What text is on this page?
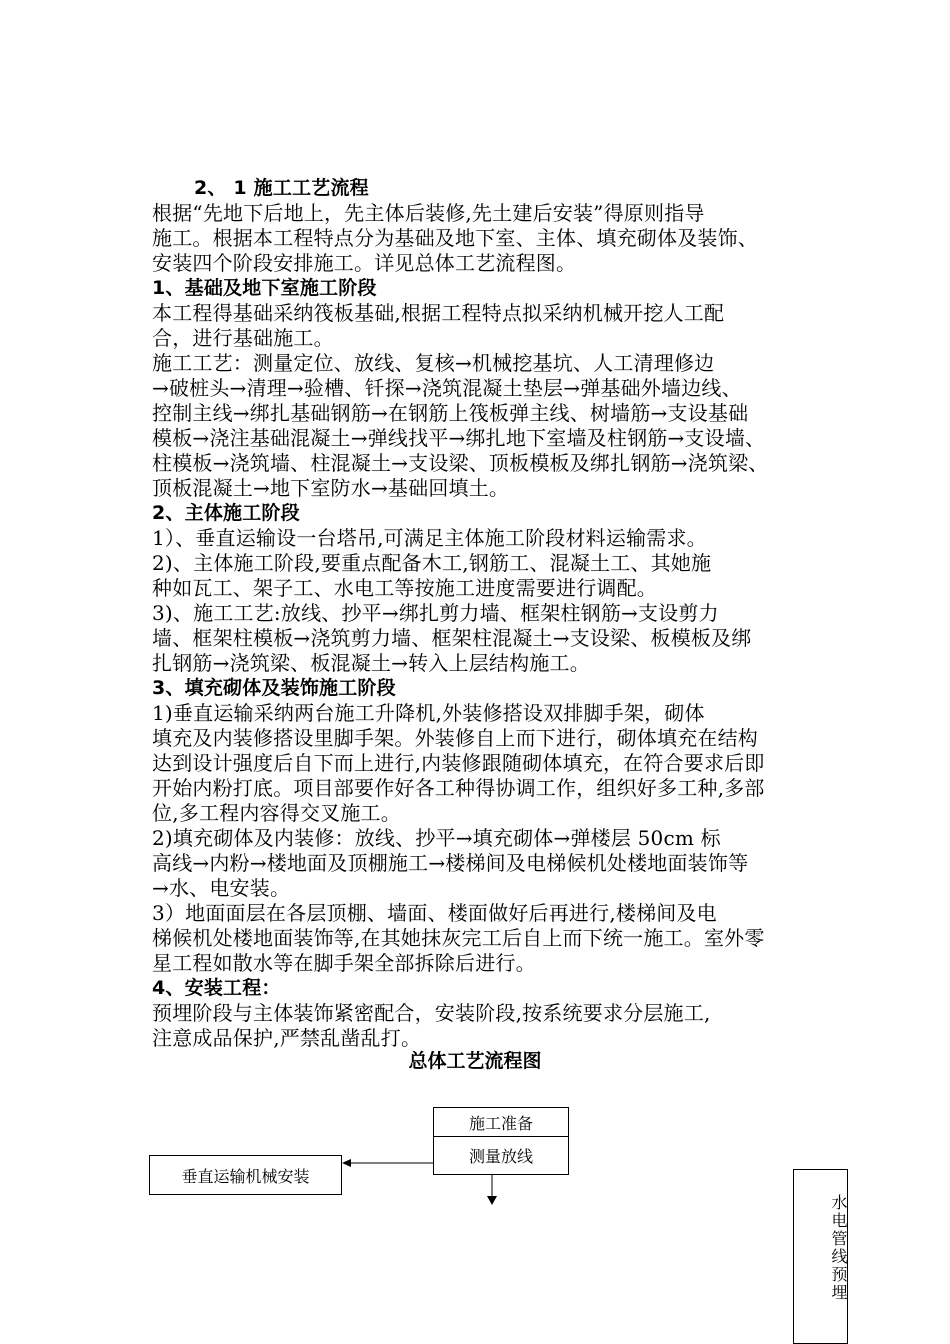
2、 1 施工工艺流程
根据“先地下后地上，先主体后装修,先土建后安装”得原则指导
施工。根据本工程特点分为基础及地下室、主体、填充砌体及装饰、
安装四个阶段安排施工。详见总体工艺流程图。
1、基础及地下室施工阶段
本工程得基础采纳筏板基础,根据工程特点拟采纳机械开挖人工配
合，进行基础施工。
施工工艺：测量定位、放线、复核→机械挖基坑、人工清理修边
→破桩头→清理→验槽、钎探→浇筑混凝土垫层→弹基础外墙边线、
控制主线→绑扎基础钢筋→在钢筋上筏板弹主线、树墙筋→支设基础
模板→浇注基础混凝土→弹线找平→绑扎地下室墙及柱钢筋→支设墙、
柱模板→浇筑墙、柱混凝土→支设梁、顶板模板及绑扎钢筋→浇筑梁、
顶板混凝土→地下室防水→基础回填土。
2、主体施工阶段
1）、垂直运输设一台塔吊,可满足主体施工阶段材料运输需求。
2)、主体施工阶段,要重点配备木工,钢筋工、混凝土工、其她施
种如瓦工、架子工、水电工等按施工进度需要进行调配。
3)、施工工艺:放线、抄平→绑扎剪力墙、框架柱钢筋→支设剪力
墙、框架柱模板→浇筑剪力墙、框架柱混凝土→支设梁、板模板及绑
扎钢筋→浇筑梁、板混凝土→转入上层结构施工。
3、填充砌体及装饰施工阶段
1)垂直运输采纳两台施工升降机,外装修搭设双排脚手架，砌体
填充及内装修搭设里脚手架。外装修自上而下进行，砌体填充在结构
达到设计强度后自下而上进行,内装修跟随砌体填充，在符合要求后即
开始内粉打底。项目部要作好各工种得协调工作，组织好多工种,多部
位,多工程内容得交叉施工。
2)填充砌体及内装修：放线、抄平→填充砌体→弹楼层 50cm 标
高线→内粉→楼地面及顶棚施工→楼梯间及电梯候机处楼地面装饰等
→水、电安装。
3）地面面层在各层顶棚、墙面、楼面做好后再进行,楼梯间及电
梯候机处楼地面装饰等,在其她抹灰完工后自上而下统一施工。室外零
星工程如散水等在脚手架全部拆除后进行。
4、安装工程：
预埋阶段与主体装饰紧密配合，安装阶段,按系统要求分层施工,
注意成品保护,严禁乱凿乱打。
总体工艺流程图
施工准备
测量放线
垂直运输机械安装
水电管线预埋
